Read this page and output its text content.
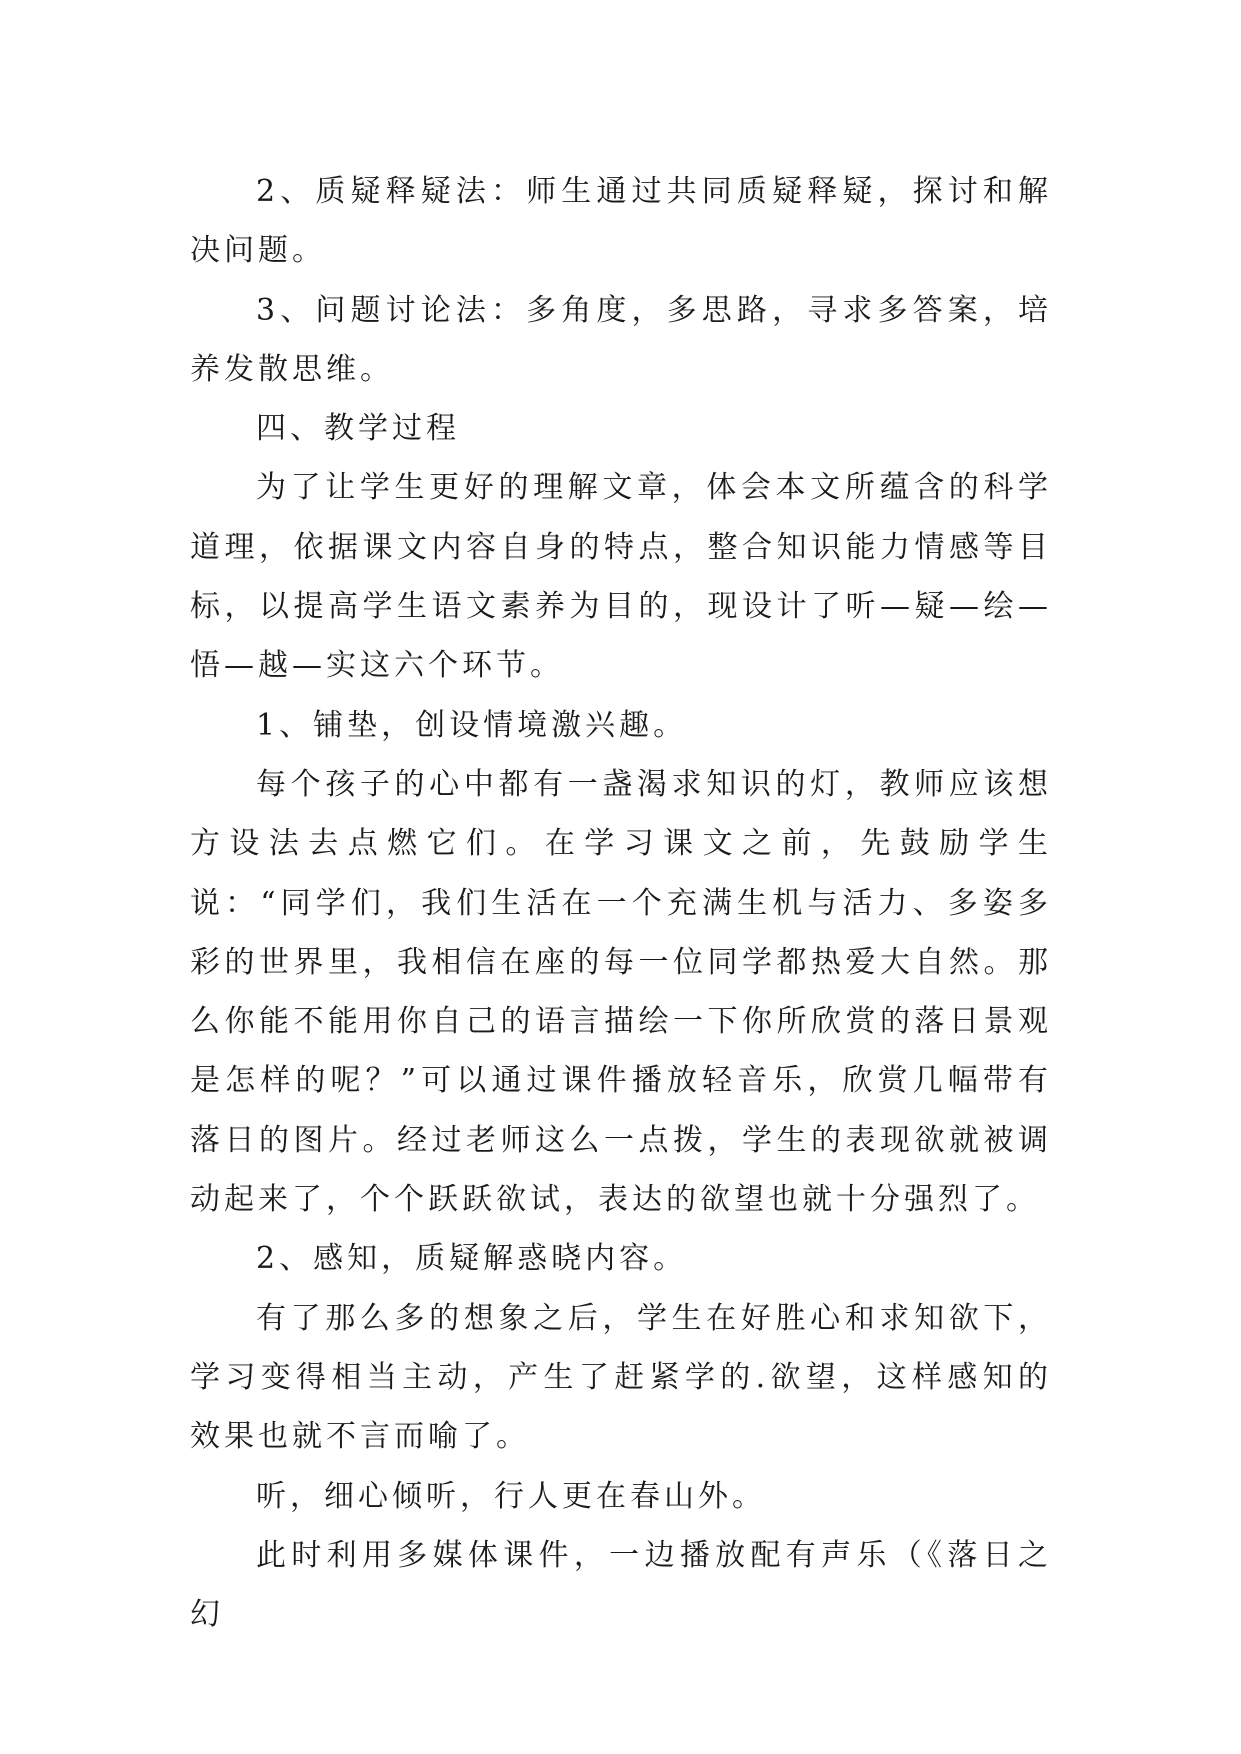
2、质疑释疑法：师生通过共同质疑释疑，探讨和解决问题。

3、问题讨论法：多角度，多思路，寻求多答案，培养发散思维。

四、教学过程

为了让学生更好的理解文章，体会本文所蕴含的科学道理，依据课文内容自身的特点，整合知识能力情感等目标，以提高学生语文素养为目的，现设计了听—疑—绘—悟—越—实这六个环节。

1、铺垫，创设情境激兴趣。

每个孩子的心中都有一盏渴求知识的灯，教师应该想方设法去点燃它们。在学习课文之前，先鼓励学生说：“同学们，我们生活在一个充满生机与活力、多姿多彩的世界里，我相信在座的每一位同学都热爱大自然。那么你能不能用你自己的语言描绘一下你所欣赏的落日景观是怎样的呢？”可以通过课件播放轻音乐，欣赏几幅带有落日的图片。经过老师这么一点拨，学生的表现欲就被调动起来了，个个跃跃欲试，表达的欲望也就十分强烈了。

2、感知，质疑解惑晓内容。

有了那么多的想象之后，学生在好胜心和求知欲下，学习变得相当主动，产生了赶紧学的.欲望，这样感知的效果也就不言而喻了。

听，细心倾听，行人更在春山外。

此时利用多媒体课件，一边播放配有声乐（《落日之幻
